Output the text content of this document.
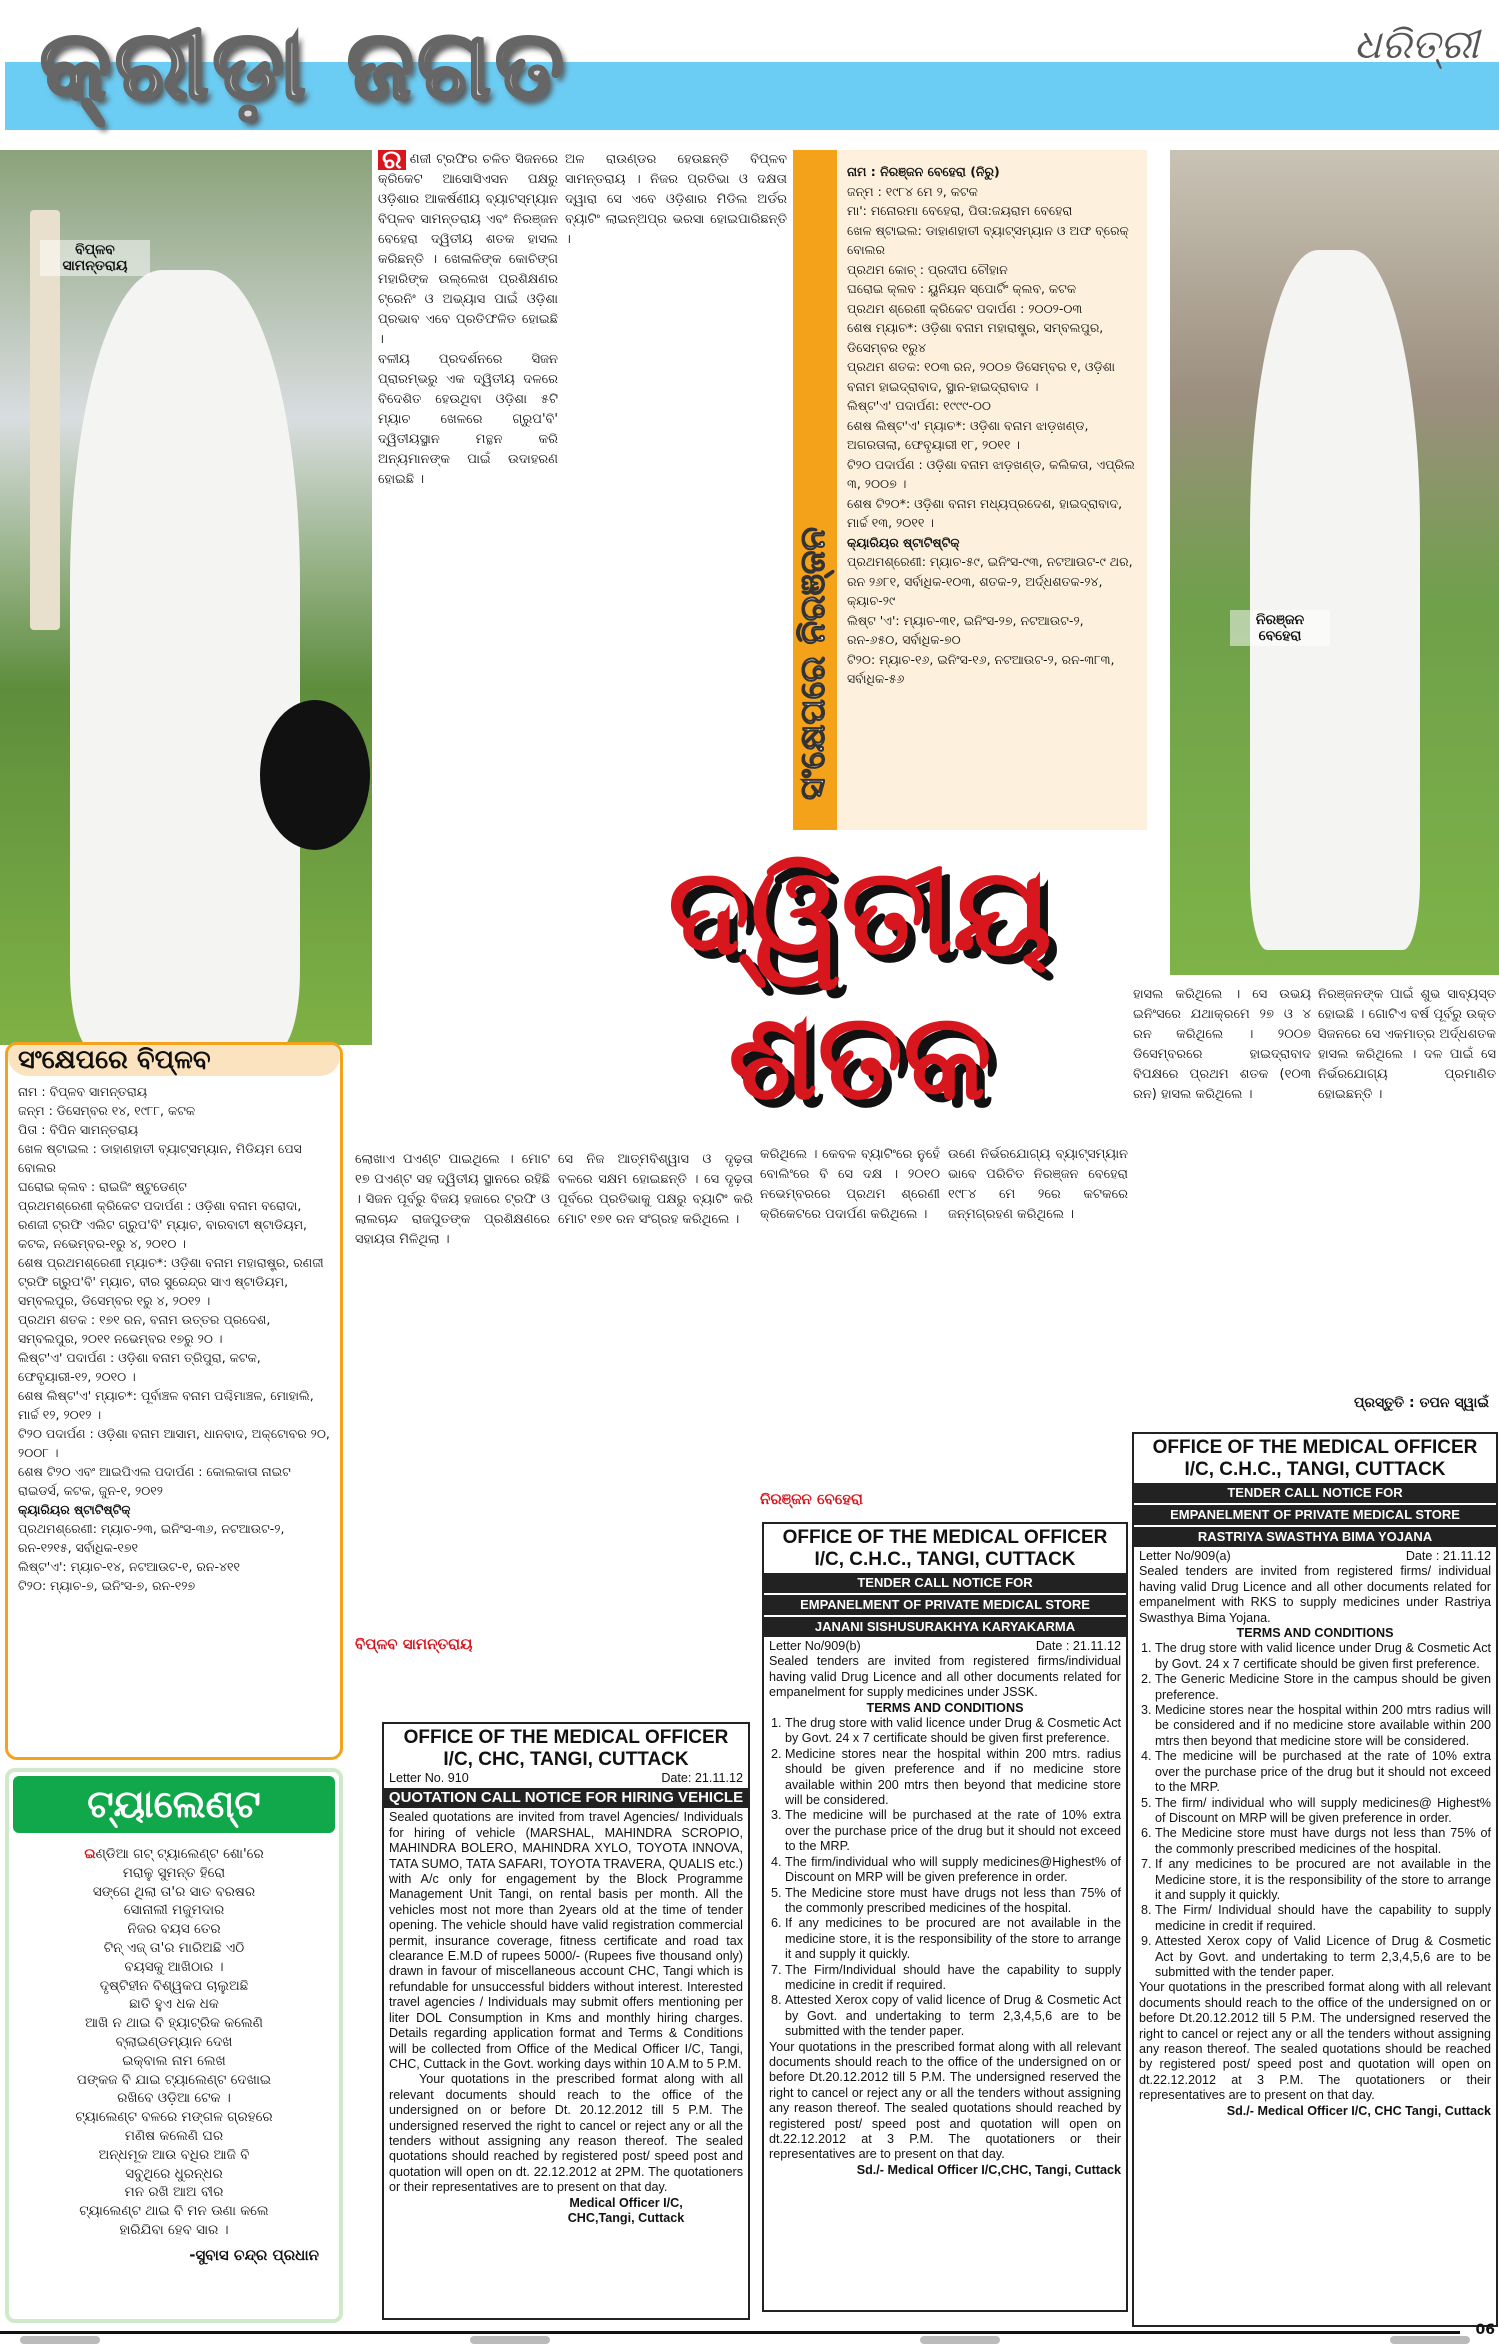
କ୍ରୀଡ଼ା ଜଗତ	ଧରିତ୍ରୀ
ବିପ୍ଳବ ସାମନ୍ତରାୟ
ନିରଞ୍ଜନ ବେହେରା
ର ଣଜୀ ଟ୍ରଫିର ଚଳିତ ସିଜନରେ କ୍ରିକେଟ ଆସୋସିଏସନ ପକ୍ଷରୁ ଓଡ଼ିଶାର ଆକର୍ଷଣୀୟ ବ୍ୟାଟସ୍ମ୍ୟାନ ବିପ୍ଳବ ସାମନ୍ତରାୟ ଏବଂ ନିରଞ୍ଜନ ବେହେରା ଦ୍ୱିତୀୟ ଶତକ ହାସଲ କରିଛନ୍ତି । ଖେଳାଳିଙ୍କ କୋଚିଙ୍ଗ ମହାରିଙ୍କ ଉଲ୍ଲେଖ ପ୍ରଶିକ୍ଷଣର ଟ୍ରେନିଂ ଓ ଅଭ୍ୟାସ ପାଇଁ ଓଡ଼ିଶା ପ୍ରଭାବ ଏବେ ପ୍ରତିଫଳିତ ହୋଇଛି ।
ବଳୀୟ ପ୍ରଦର୍ଶନରେ ସିଜନ ପ୍ରାରମ୍ଭରୁ ଏକ ଦ୍ୱିତୀୟ ଦଳରେ ବିଦେଶିତ ହେଉଥିବା ଓଡ଼ିଶା ୫ଟି ମ୍ୟାଚ ଖେଳରେ ଗ୍ରୁପ'ବି' ଦ୍ୱିତୀୟସ୍ଥାନ ମନ୍ଥନ କରି ଅନ୍ୟମାନଙ୍କ ପାଇଁ ଉଦାହରଣ ହୋଇଛି ।
ଅଳ ରାଉଣ୍ଡର ହେଉଛନ୍ତି ବିପ୍ଳବ ସାମନ୍ତରାୟ । ନିଜର ପ୍ରତିଭା ଓ ଦକ୍ଷତା ଦ୍ୱାରା ସେ ଏବେ ଓଡ଼ିଶାର ମିଡିଲ ଅର୍ଡର ବ୍ୟାଟିଂ ଲାଇନ୍ଅପ୍ର ଭରସା ହୋଇପାରିଛନ୍ତି ।
ସଂକ୍ଷେପରେ ନିରଞ୍ଜନ
ନାମ : ନିରଞ୍ଜନ ବେହେରା (ନିରୁ)
ଜନ୍ମ : ୧୯୮୪ ମେ ୨, କଟକ
ମା': ମନୋରମା ବେହେରା, ପିତା:ଜୟରାମ ବେହେରା
ଖେଳ ଷ୍ଟାଇଲ: ଡାହାଣହାତୀ ବ୍ୟାଟ୍ସମ୍ୟାନ ଓ ଅଫ ବ୍ରେକ୍ ବୋଲର
ପ୍ରଥମ କୋଚ୍ : ପ୍ରଦୀପ ଚୌହାନ
ଘରୋଇ କ୍ଲବ : ୟୁନିୟନ ସ୍ପୋର୍ଟିଂ କ୍ଲବ, କଟକ
ପ୍ରଥମ ଶ୍ରେଣୀ କ୍ରିକେଟ ପଦାର୍ପଣ : ୨୦୦୨-୦୩
ଶେଷ ମ୍ୟାଚ*: ଓଡ଼ିଶା ବନାମ ମହାରାଷ୍ଟ୍ର, ସମ୍ବଲପୁର, ଡିସେମ୍ବର ୧ରୁ୪
ପ୍ରଥମ ଶତକ: ୧୦୩ ରନ, ୨୦୦୭ ଡିସେମ୍ବର ୧, ଓଡ଼ିଶା ବନାମ ହାଇଦ୍ରାବାଦ, ସ୍ଥାନ-ହାଇଦ୍ରାବାଦ ।
ଲିଷ୍ଟ'ଏ' ପଦାର୍ପଣ: ୧୯୯୯-୦୦
ଶେଷ ଲିଷ୍ଟ'ଏ' ମ୍ୟାଚ*: ଓଡ଼ିଶା ବନାମ ଝାଡ଼ଖଣ୍ଡ, ଅଗରତାଲା, ଫେବୃୟାରୀ ୧୮, ୨୦୧୧ ।
ଟି୨୦ ପଦାର୍ପଣ : ଓଡ଼ିଶା ବନାମ ଝାଡ଼ଖଣ୍ଡ, କଲିକତା, ଏପ୍ରିଲ ୩, ୨୦୦୭ ।
ଶେଷ ଟି୨୦*: ଓଡ଼ିଶା ବନାମ ମଧ୍ୟପ୍ରଦେଶ, ହାଇଦ୍ରାବାଦ, ମାର୍ଚ୍ଚ ୧୩, ୨୦୧୧ ।
କ୍ୟାରିୟର ଷ୍ଟାଟିଷ୍ଟିକ୍
ପ୍ରଥମଶ୍ରେଣୀ: ମ୍ୟାଚ-୫୯, ଇନିଂସ-୯୩, ନଟଆଉଟ-୯ ଥର, ରନ ୨୬୮୧, ସର୍ବାଧିକ-୧୦୩, ଶତକ-୨, ଅର୍ଦ୍ଧଶତକ-୨୪, କ୍ୟାଚ-୨୯
ଲିଷ୍ଟ 'ଏ': ମ୍ୟାଚ-୩୧, ଇନିଂସ-୨୭, ନଟଆଉଟ-୨, ରନ-୬୫୦, ସର୍ବାଧିକ-୭୦
ଟି୨୦: ମ୍ୟାଚ-୧୬, ଇନିଂସ-୧୬, ନଟଆଉଟ-୨, ରନ-୩୮୩, ସର୍ବାଧିକ-୫୬
ଦ୍ୱିତୀୟ
ଶତକ
ସଂକ୍ଷେପରେ ବିପ୍ଳବ
ନାମ : ବିପ୍ଳବ ସାମନ୍ତରାୟ
ଜନ୍ମ : ଡିସେମ୍ବର ୧୪, ୧୯୮୮, କଟକ
ପିତା : ବିପିନ ସାମନ୍ତରାୟ
ଖେଳ ଷ୍ଟାଇଲ : ଡାହାଣହାତୀ ବ୍ୟାଟ୍ସମ୍ୟାନ, ମିଡିୟମ ପେସ ବୋଲର
ଘରୋଇ କ୍ଲବ : ରାଇଜିଂ ଷ୍ଟୁଡେଣ୍ଟ
ପ୍ରଥମଶ୍ରେଣୀ କ୍ରିକେଟ ପଦାର୍ପଣ : ଓଡ଼ିଶା ବନାମ ବରୋଦା, ରଣଜୀ ଟ୍ରଫି ଏଲିଟ ଗ୍ରୁପ'ବି' ମ୍ୟାଚ, ବାରବାଟୀ ଷ୍ଟାଡିୟମ, କଟକ, ନଭେମ୍ବର-୧ରୁ ୪, ୨୦୧୦ ।
ଶେଷ ପ୍ରଥମଶ୍ରେଣୀ ମ୍ୟାଚ*: ଓଡ଼ିଶା ବନାମ ମହାରାଷ୍ଟ୍ର, ରଣଜୀ ଟ୍ରଫି ଗ୍ରୁପ'ବି' ମ୍ୟାଚ, ବୀର ସୁରେନ୍ଦ୍ର ସାଏ ଷ୍ଟାଡିୟମ, ସମ୍ବଲପୁର, ଡିସେମ୍ବର ୧ରୁ ୪, ୨୦୧୨ ।
ପ୍ରଥମ ଶତକ : ୧୭୧ ରନ, ବନାମ ଉତ୍ତର ପ୍ରଦେଶ, ସମ୍ବଲପୁର, ୨୦୧୧ ନଭେମ୍ବର ୧୭ରୁ ୨୦ ।
ଲିଷ୍ଟ'ଏ' ପଦାର୍ପଣ : ଓଡ଼ିଶା ବନାମ ତ୍ରିପୁରା, କଟକ, ଫେବୃୟାରୀ-୧୨, ୨୦୧୦ ।
ଶେଷ ଲିଷ୍ଟ'ଏ' ମ୍ୟାଚ*: ପୂର୍ବାଞ୍ଚଳ ବନାମ ପଶ୍ଚିମାଞ୍ଚଳ, ମୋହାଲି, ମାର୍ଚ୍ଚ ୧୨, ୨୦୧୨ ।
ଟି୨୦ ପଦାର୍ପଣ : ଓଡ଼ିଶା ବନାମ ଆସାମ, ଧାନବାଦ, ଅକ୍ଟୋବର ୨୦, ୨୦୦୮ ।
ଶେଷ ଟି୨୦ ଏବଂ ଆଇପିଏଲ ପଦାର୍ପଣ : କୋଲକାତା ନାଇଟ ରାଇଡର୍ସ, କଟକ, ଜୁନ-୧, ୨୦୧୨
କ୍ୟାରିୟର ଷ୍ଟାଟିଷ୍ଟିକ୍
ପ୍ରଥମଶ୍ରେଣୀ: ମ୍ୟାଚ-୨୩, ଇନିଂସ-୩୬, ନଟଆଉଟ-୨, ରନ-୧୨୧୫, ସର୍ବାଧିକ-୧୭୧
ଲିଷ୍ଟ'ଏ': ମ୍ୟାଚ-୧୪, ନଟଆଉଟ-୧, ରନ-୪୧୧
ଟି୨୦: ମ୍ୟାଚ-୭, ଇନିଂସ-୭, ରନ-୧୨୭
ଟ୍ୟାଲେଣ୍ଟ
ଇଣ୍ଡିଆ ଗଟ୍ ଟ୍ୟାଲେଣ୍ଟ ଶୋ'ରେ
ମରାଳୁ ସୁମନ୍ତ ହିରୋ
ସଙ୍ଗେ ଥିଲା ତା'ର ସାତ ବରଷର
ସୋନାଲୀ ମଜୁମଦାର
ନିଜର ବୟସ ତେର
ଟିନ୍ ଏଜ୍ ତା'ର ମାରିଅଛି ଏଠି
ବୟସକୁ ଆଖିଠାର ।
ଦୃଷ୍ଟିହୀନ ବିଶ୍ୱକପ ଚାଲୁଅଛି
ଛାତି ହୁଏ ଧକ ଧକ
ଆଖି ନ ଥାଇ ବି ହ୍ୟାଟ୍ରିକ କଲେଣି
ବ୍ଲାଇଣ୍ଡମ୍ୟାନ ଦେଖ
ଇକ୍‌ବାଲ ନାମ ଲେଖ
ପଙ୍କଜ ବି ଯାଇ ଟ୍ୟାଲେଣ୍ଟ ଦେଖାଇ
ରଖିବେ ଓଡ଼ିଆ ଟେକ ।
ଟ୍ୟାଲେଣ୍ଟ ବଳରେ ମଙ୍ଗଳ ଗ୍ରହରେ
ମଣିଷ କଲେଣି ଘର
ଅନ୍ଧମୂକ ଆଉ ବଧିର ଆଜି ବି
ସବୁଥିରେ ଧୁରନ୍ଧର
ମନ ରଖି ଆଅ ବୀର
ଟ୍ୟାଲେଣ୍ଟ ଥାଇ ବି ମନ ଊଣା କଲେ
ହାରିଯିବା ହେବ ସାର ।
-ସୁବାସ ଚନ୍ଦ୍ର ପ୍ରଧାନ
ଲୋଖାଏ ପଏଣ୍ଟ ପାଇଥିଲେ । ମୋଟ ୧୭ ପଏଣ୍ଟ ସହ ଦ୍ୱିତୀୟ ସ୍ଥାନରେ ରହିଛି । ସିଜନ ପୂର୍ବରୁ ବିଜୟ ହଜାରେ ଟ୍ରଫି ଓ ଲାଲଚାନ୍ଦ ରାଜପୁତଙ୍କ ପ୍ରଶିକ୍ଷଣରେ ସହାୟତା ମିଳିଥିଲା ।
ସେ ନିଜ ଆତ୍ମବିଶ୍ୱାସ ଓ ଦୃଢ଼ତା ବଳରେ ସକ୍ଷମ ହୋଇଛନ୍ତି । ସେ ଦୃଢ଼ତା ପୂର୍ବରେ ପ୍ରତିଭାକୁ ପକ୍ଷରୁ ବ୍ୟାଟିଂ କରି ମୋଟ ୧୭୧ ରନ ସଂଗ୍ରହ କରିଥିଲେ ।
ବିପ୍ଳବ ସାମନ୍ତରାୟ
କରିଥିଲେ । କେବଳ ବ୍ୟାଟିଂରେ ନୁହେଁ ବୋଲିଂରେ ବି ସେ ଦକ୍ଷ । ୨୦୧୦ ନଭେମ୍ବରରେ ପ୍ରଥମ ଶ୍ରେଣୀ କ୍ରିକେଟରେ ପଦାର୍ପଣ କରିଥିଲେ ।
ଉଣେ ନିର୍ଭରଯୋଗ୍ୟ ବ୍ୟାଟ୍ସମ୍ୟାନ ଭାବେ ପରିଚିତ ନିରଞ୍ଜନ ବେହେରା ୧୯୮୪ ମେ ୨ରେ କଟକରେ ଜନ୍ମଗ୍ରହଣ କରିଥିଲେ ।
ନିରଞ୍ଜନ ବେହେରା
ହାସଲ କରିଥିଲେ । ସେ ଉଭୟ ଇନିଂସରେ ଯଥାକ୍ରମେ ୨୭ ଓ ୪ ରନ କରିଥିଲେ । ୨୦୦୭ ଡିସେମ୍ବରରେ ହାଇଦ୍ରାବାଦ ବିପକ୍ଷରେ ପ୍ରଥମ ଶତକ (୧୦୩ ରନ) ହାସଲ କରିଥିଲେ ।
ନିରଞ୍ଜନଙ୍କ ପାଇଁ ଶୁଭ ସାବ୍ୟସ୍ତ ହୋଇଛି । ଗୋଟିଏ ବର୍ଷ ପୂର୍ବରୁ ଉକ୍ତ ସିଜନରେ ସେ ଏକମାତ୍ର ଅର୍ଦ୍ଧଶତକ ହାସଲ କରିଥିଲେ । ଦଳ ପାଇଁ ସେ ନିର୍ଭରଯୋଗ୍ୟ ପ୍ରମାଣିତ ହୋଇଛନ୍ତି ।
ପ୍ରସ୍ତୁତି : ତପନ ସ୍ୱାଇଁ
OFFICE OF THE MEDICAL OFFICER I/C, CHC, TANGI, CUTTACK
Letter No. 910	Date: 21.11.12
QUOTATION CALL NOTICE FOR HIRING VEHICLE

Sealed quotations are invited from travel Agencies/ Individuals for hiring of vehicle (MARSHAL, MAHINDRA SCROPIO, MAHINDRA BOLERO, MAHINDRA XYLO, TOYOTA INNOVA, TATA SUMO, TATA SAFARI, TOYOTA TRAVERA, QUALIS etc.) with A/c only for engagement by the Block Programme Management Unit Tangi, on rental basis per month. All the vehicles most not more than 2years old at the time of tender opening. The vehicle should have valid registration commercial permit, insurance coverage, fitness certificate and road tax clearance E.M.D of rupees 5000/- (Rupees five thousand only) drawn in favour of miscellaneous account CHC, Tangi which is refundable for unsuccessful bidders without interest. Interested travel agencies / Individuals may submit offers mentioning per liter DOL Consumption in Kms and monthly hiring charges. Details regarding application format and Terms & Conditions will be collected from Office of the Medical Officer I/C, Tangi, CHC, Cuttack in the Govt. working days within 10 A.M to 5 P.M.

Your quotations in the prescribed format along with all relevant documents should reach to the office of the undersigned on or before Dt. 20.12.2012 till 5 P.M. The undersigned reserved the right to cancel or reject any or all the tenders without assigning any reason thereof. The sealed quotations should reached by registered post/ speed post and quotation will open on dt. 22.12.2012 at 2PM. The quotationers or their representatives are to present on that day.

Medical Officer I/C,
CHC,Tangi, Cuttack
OFFICE OF THE MEDICAL OFFICER I/C, C.H.C., TANGI, CUTTACK
TENDER CALL NOTICE FOR
EMPANELMENT OF PRIVATE MEDICAL STORE
JANANI SISHUSURAKHYA KARYAKARMA
Letter No/909(b)	Date : 21.11.12

Sealed tenders are invited from registered firms/individual having valid Drug Licence and all other documents related for empanelment for supply medicines under JSSK.

TERMS AND CONDITIONS
1. The drug store with valid licence under Drug & Cosmetic Act by Govt. 24 x 7 certificate should be given first preference.
2. Medicine stores near the hospital within 200 mtrs. radius should be given preference and if no medicine store available within 200 mtrs then beyond that medicine store will be considered.
3. The medicine will be purchased at the rate of 10% extra over the purchase price of the drug but it should not exceed to the MRP.
4. The firm/individual who will supply medicines@Highest% of Discount on MRP will be given preference in order.
5. The Medicine store must have drugs not less than 75% of the commonly prescribed medicines of the hospital.
6. If any medicines to be procured are not available in the medicine store, it is the responsibility of the store to arrange it and supply it quickly.
7. The Firm/Individual should have the capability to supply medicine in credit if required.
8. Attested Xerox copy of valid licence of Drug & Cosmetic Act by Govt. and undertaking to term 2,3,4,5,6 are to be submitted with the tender paper.

Your quotations in the prescribed format along with all relevant documents should reach to the office of the undersigned on or before Dt.20.12.2012 till 5 P.M. The undersigned reserved the right to cancel or reject any or all the tenders without assigning any reason thereof. The sealed quotations should reached by registered post/ speed post and quotation will open on dt.22.12.2012 at 3 P.M. The quotationers or their representatives are to present on that day.

Sd./- Medical Officer I/C,CHC, Tangi, Cuttack
OFFICE OF THE MEDICAL OFFICER I/C, C.H.C., TANGI, CUTTACK
TENDER CALL NOTICE FOR
EMPANELMENT OF PRIVATE MEDICAL STORE
RASTRIYA SWASTHYA BIMA YOJANA
Letter No/909(a)	Date : 21.11.12

Sealed tenders are invited from registered firms/ individual having valid Drug Licence and all other documents related for empanelment with RKS to supply medicines under Rastriya Swasthya Bima Yojana.

TERMS AND CONDITIONS
1. The drug store with valid licence under Drug & Cosmetic Act by Govt. 24 x 7 certificate should be given first preference.
2. The Generic Medicine Store in the campus should be given preference.
3. Medicine stores near the hospital within 200 mtrs radius will be considered and if no medicine store available within 200 mtrs then beyond that medicine store will be considered.
4. The medicine will be purchased at the rate of 10% extra over the purchase price of the drug but it should not exceed to the MRP.
5. The firm/ individual who will supply medicines@ Highest% of Discount on MRP will be given preference in order.
6. The Medicine store must have durgs not less than 75% of the commonly prescribed medicines of the hospital.
7. If any medicines to be procured are not available in the Medicine store, it is the responsibility of the store to arrange it and supply it quickly.
8. The Firm/ Individual should have the capability to supply medicine in credit if required.
9. Attested Xerox copy of Valid Licence of Drug & Cosmetic Act by Govt. and undertaking to term 2,3,4,5,6 are to be submitted with the tender paper.

Your quotations in the prescribed format along with all relevant documents should reach to the office of the undersigned on or before Dt.20.12.2012 till 5 P.M. The undersigned reserved the right to cancel or reject any or all the tenders without assigning any reason thereof. The sealed quotations should be reached by registered post/ speed post and quotation will open on dt.22.12.2012 at 3 P.M. The quotationers or their representatives are to present on that day.

Sd./- Medical Officer I/C, CHC Tangi, Cuttack
06
